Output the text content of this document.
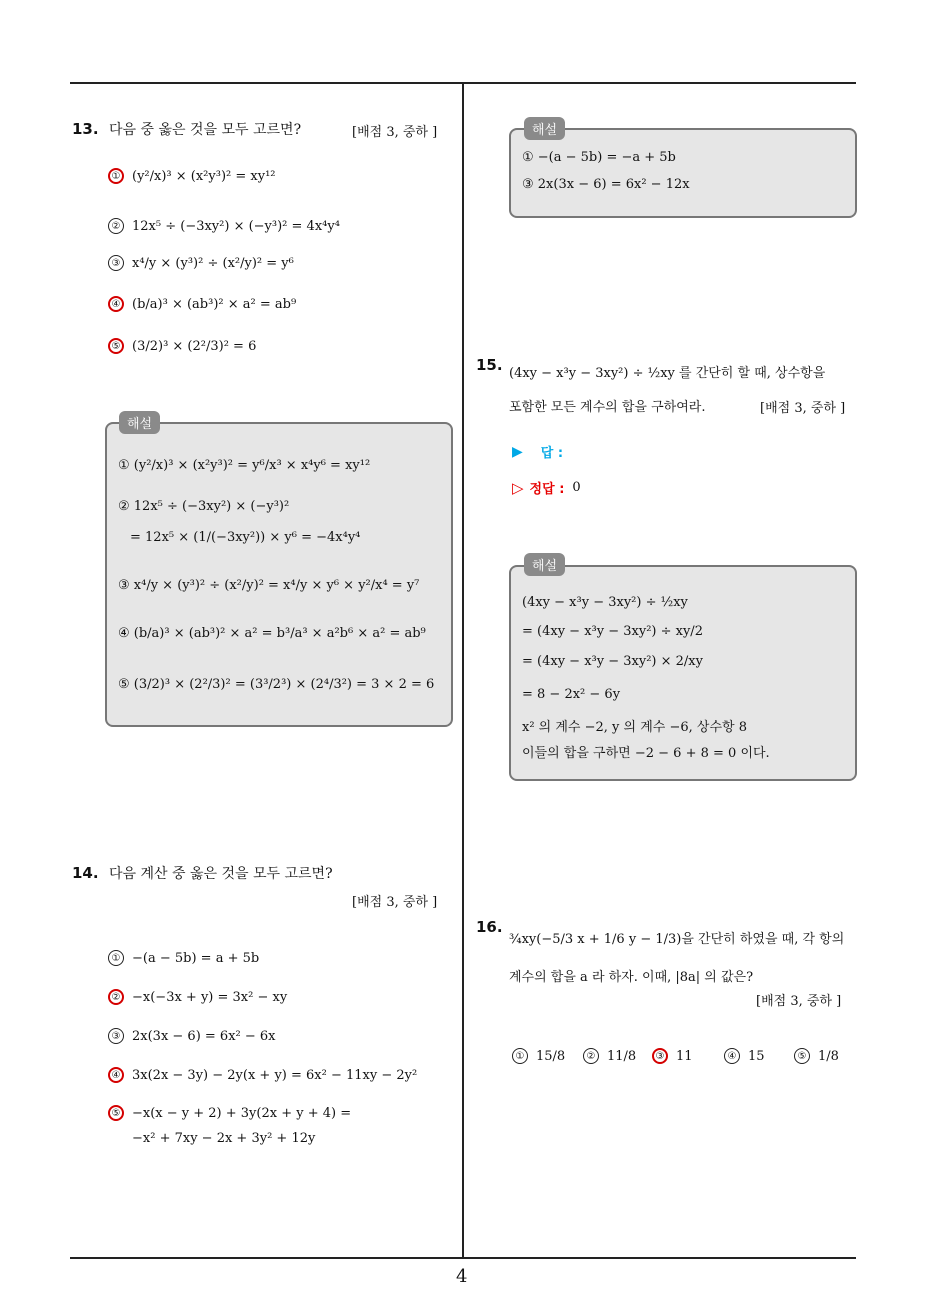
13. 다음 중 옳은 것을 모두 고르면?	[배점 3, 중하 ]
① (y²/x)³ × (x²y³)² = xy¹²
② 12x⁵ ÷ (−3xy²) × (−y³)² = 4x⁴y⁴
③ x⁴/y × (y³)² ÷ (x²/y)² = y⁶
④ (b/a)³ × (ab³)² × a² = ab⁹
⑤ (3/2)³ × (2²/3)² = 6
해설
① (y²/x)³ × (x²y³)² = y⁶/x³ × x⁴y⁶ = xy¹²
② 12x⁵ ÷ (−3xy²) × (−y³)²
= 12x⁵ × (1/(−3xy²)) × y⁶ = −4x⁴y⁴
③ x⁴/y × (y³)² ÷ (x²/y)² = x⁴/y × y⁶ × y²/x⁴ = y⁷
④ (b/a)³ × (ab³)² × a² = b³/a³ × a²b⁶ × a² = ab⁹
⑤ (3/2)³ × (2²/3)² = (3³/2³) × (2⁴/3²) = 3 × 2 = 6
14. 다음 계산 중 옳은 것을 모두 고르면?
[배점 3, 중하 ]
① −(a − 5b) = a + 5b
② −x(−3x + y) = 3x² − xy
③ 2x(3x − 6) = 6x² − 6x
④ 3x(2x − 3y) − 2y(x + y) = 6x² − 11xy − 2y²
⑤ −x(x − y + 2) + 3y(2x + y + 4) =
−x² + 7xy − 2x + 3y² + 12y
해설
① −(a − 5b) = −a + 5b
③ 2x(3x − 6) = 6x² − 12x
15. (4xy − x³y − 3xy²) ÷ ½xy 를 간단히 할 때, 상수항을
포함한 모든 계수의 합을 구하여라.	[배점 3, 중하 ]
▶ 답 :
▷ 정답 : 0
해설
(4xy − x³y − 3xy²) ÷ ½xy
= (4xy − x³y − 3xy²) ÷ xy/2
= (4xy − x³y − 3xy²) × 2/xy
= 8 − 2x² − 6y
x² 의 계수 −2, y 의 계수 −6, 상수항 8
이들의 합을 구하면 −2 − 6 + 8 = 0 이다.
16.
¾xy(−5/3 x + 1/6 y − 1/3)을 간단히 하였을 때, 각 항의
계수의 합을 a 라 하자. 이때, |8a| 의 값은?
[배점 3, 중하 ]
① 15/8	② 11/8	③ 11	④ 15	⑤ 1/8
4
